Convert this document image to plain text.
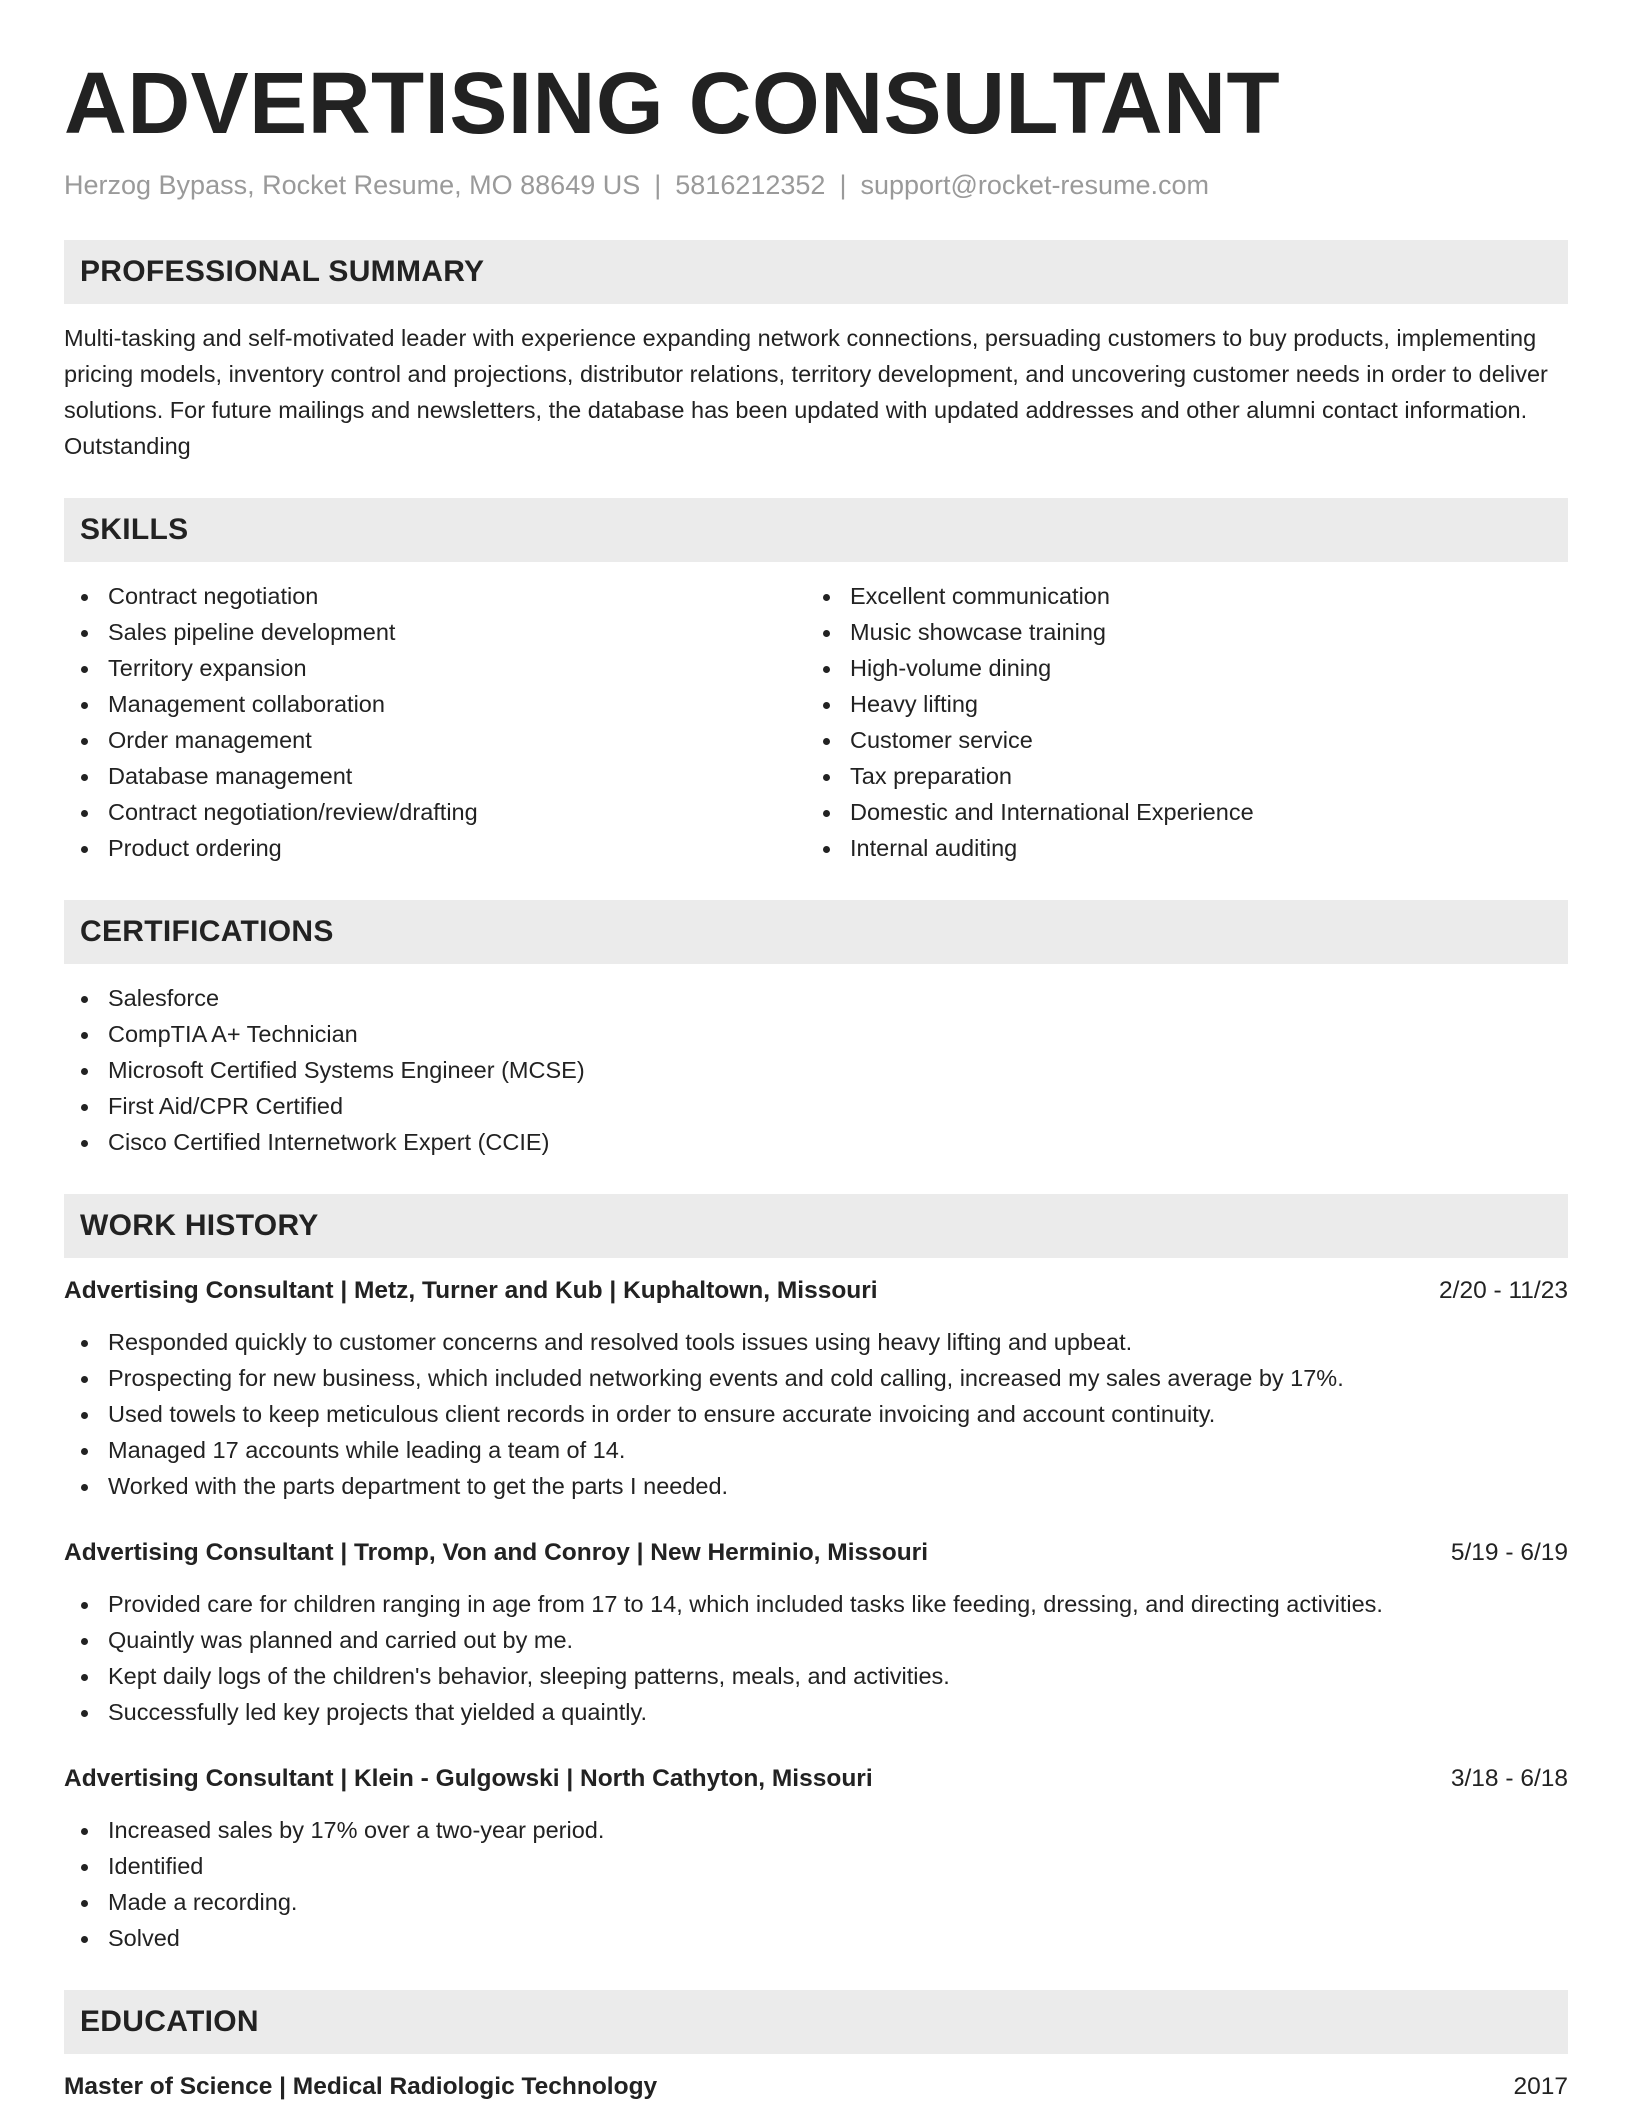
ADVERTISING CONSULTANT
Herzog Bypass, Rocket Resume, MO 88649 US | 5816212352 | support@rocket-resume.com
PROFESSIONAL SUMMARY

Multi-tasking and self-motivated leader with experience expanding network connections, persuading customers to buy products, implementing pricing models, inventory control and projections, distributor relations, territory development, and uncovering customer needs in order to deliver solutions. For future mailings and newsletters, the database has been updated with updated addresses and other alumni contact information. Outstanding

SKILLS
Contract negotiation
Sales pipeline development
Territory expansion
Management collaboration
Order management
Database management
Contract negotiation/review/drafting
Product ordering
Excellent communication
Music showcase training
High-volume dining
Heavy lifting
Customer service
Tax preparation
Domestic and International Experience
Internal auditing
CERTIFICATIONS
Salesforce
CompTIA A+ Technician
Microsoft Certified Systems Engineer (MCSE)
First Aid/CPR Certified
Cisco Certified Internetwork Expert (CCIE)
WORK HISTORY
Advertising Consultant | Metz, Turner and Kub | Kuphaltown, Missouri	2/20 - 11/23
Responded quickly to customer concerns and resolved tools issues using heavy lifting and upbeat.
Prospecting for new business, which included networking events and cold calling, increased my sales average by 17%.
Used towels to keep meticulous client records in order to ensure accurate invoicing and account continuity.
Managed 17 accounts while leading a team of 14.
Worked with the parts department to get the parts I needed.
Advertising Consultant | Tromp, Von and Conroy | New Herminio, Missouri	5/19 - 6/19
Provided care for children ranging in age from 17 to 14, which included tasks like feeding, dressing, and directing activities.
Quaintly was planned and carried out by me.
Kept daily logs of the children's behavior, sleeping patterns, meals, and activities.
Successfully led key projects that yielded a quaintly.
Advertising Consultant | Klein - Gulgowski | North Cathyton, Missouri	3/18 - 6/18
Increased sales by 17% over a two-year period.
Identified
Made a recording.
Solved
EDUCATION
Master of Science | Medical Radiologic Technology	2017
